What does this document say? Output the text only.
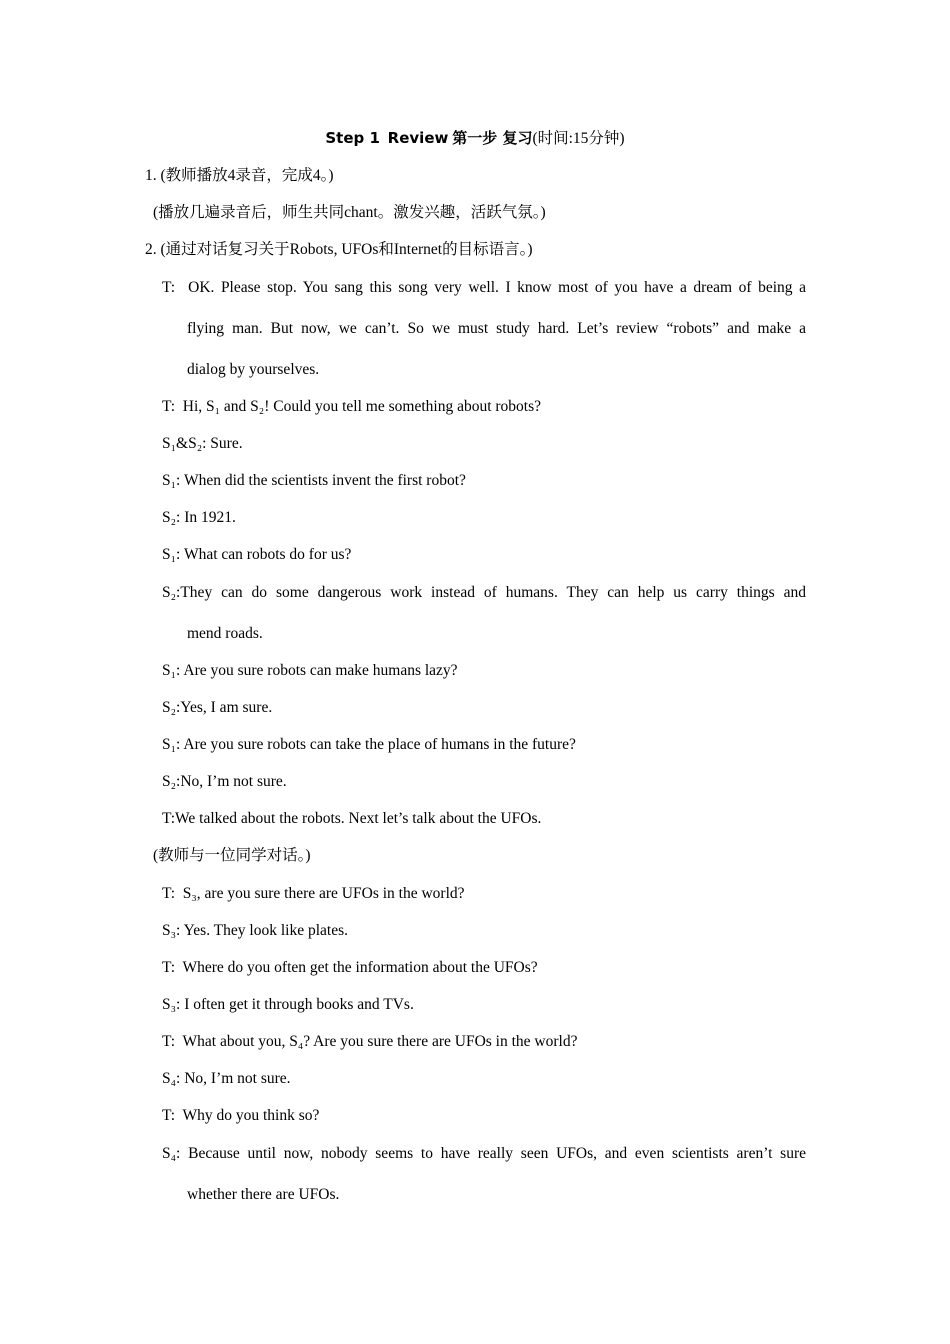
Step 1 Review 第一步 复习(时间:15分钟)
1. (教师播放4录音，完成4。)
(播放几遍录音后，师生共同chant。激发兴趣，活跃气氛。)
2. (通过对话复习关于Robots, UFOs和Internet的目标语言。)
T: OK. Please stop. You sang this song very well. I know most of you have a dream of being a
flying man. But now, we can’t. So we must study hard. Let’s review “robots” and make a
dialog by yourselves.
T: Hi, S₁ and S₂! Could you tell me something about robots?
S₁&S₂: Sure.
S₁: When did the scientists invent the first robot?
S₂: In 1921.
S₁: What can robots do for us?
S₂:They can do some dangerous work instead of humans. They can help us carry things and
mend roads.
S₁: Are you sure robots can make humans lazy?
S₂:Yes, I am sure.
S₁: Are you sure robots can take the place of humans in the future?
S₂:No, I’m not sure.
T:We talked about the robots. Next let’s talk about the UFOs.
(教师与一位同学对话。)
T: S₃, are you sure there are UFOs in the world?
S₃: Yes. They look like plates.
T: Where do you often get the information about the UFOs?
S₃: I often get it through books and TVs.
T: What about you, S₄? Are you sure there are UFOs in the world?
S₄: No, I’m not sure.
T: Why do you think so?
S₄: Because until now, nobody seems to have really seen UFOs, and even scientists aren’t sure
whether there are UFOs.
